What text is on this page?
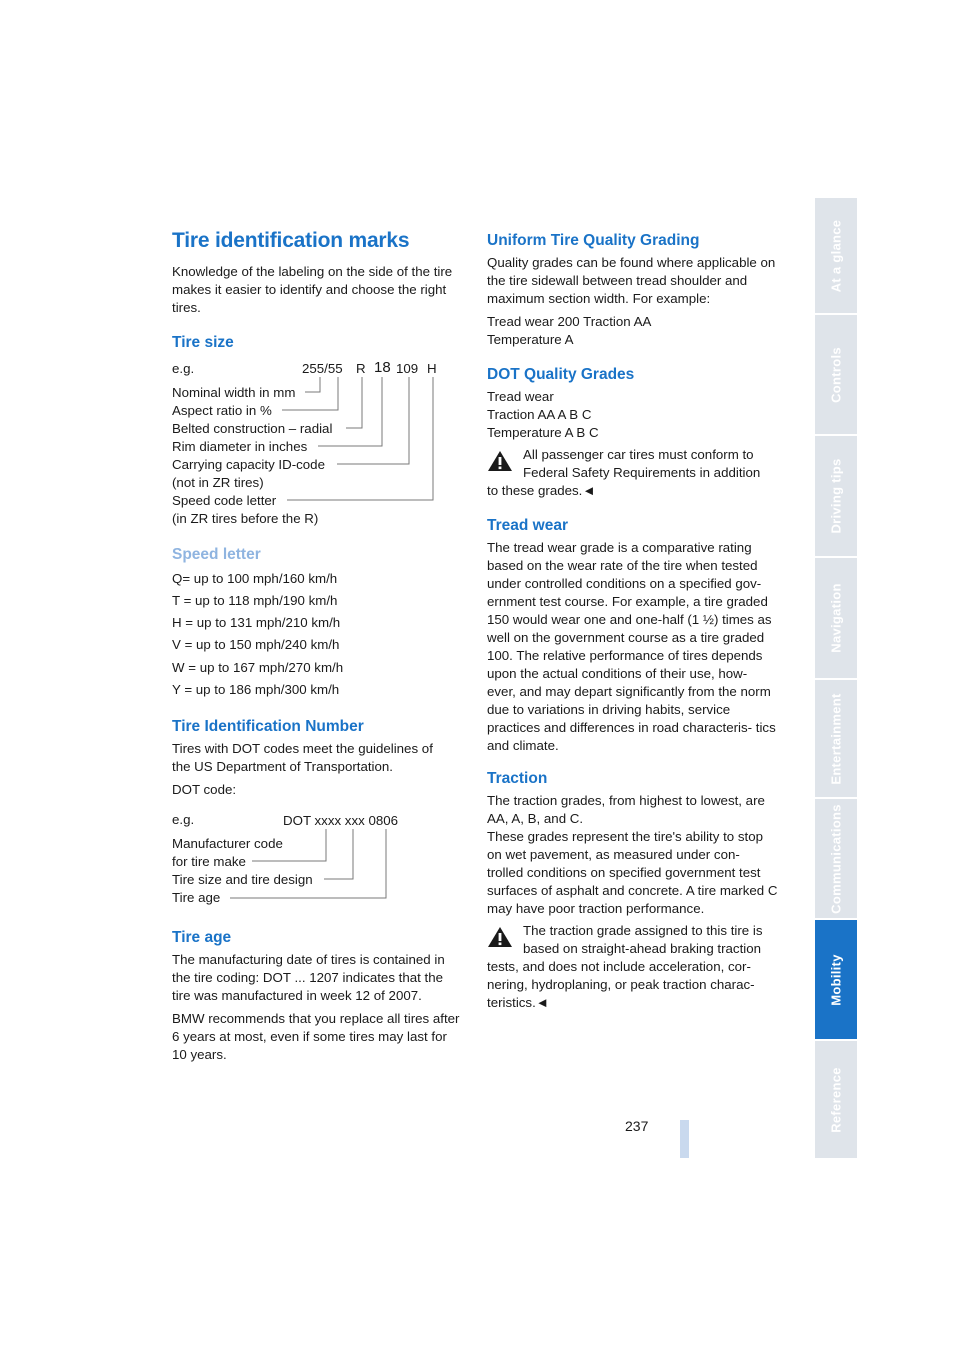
Tire identification marks

Knowledge of the labeling on the side of the tire makes it easier to identify and choose the right tires.

Tire size
e.g.	255/55 R 18 109 H
Nominal width in mm
Aspect ratio in %
Belted construction – radial
Rim diameter in inches
Carrying capacity ID-code
(not in ZR tires)
Speed code letter
(in ZR tires before the R)
Speed letter
Q= up to 100 mph/160 km/h
T = up to 118 mph/190 km/h
H = up to 131 mph/210 km/h
V = up to 150 mph/240 km/h
W = up to 167 mph/270 km/h
Y = up to 186 mph/300 km/h
Tire Identification Number

Tires with DOT codes meet the guidelines of the US Department of Transportation.

DOT code:
e.g.	DOT xxxx xxx 0806
Manufacturer code
for tire make
Tire size and tire design
Tire age
Tire age

The manufacturing date of tires is contained in the tire coding: DOT ... 1207 indicates that the tire was manufactured in week 12 of 2007.

BMW recommends that you replace all tires after 6 years at most, even if some tires may last for 10 years.

Uniform Tire Quality Grading

Quality grades can be found where applicable on the tire sidewall between tread shoulder and maximum section width. For example:

Tread wear 200 Traction AA
Temperature A
DOT Quality Grades
Tread wear
Traction AA A B C
Temperature A B C
All passenger car tires must conform to
Federal Safety Requirements in addition
to these grades.◄
Tread wear

The tread wear grade is a comparative rating based on the wear rate of the tire when tested under controlled conditions on a specified gov- ernment test course. For example, a tire graded 150 would wear one and one-half (1 ½) times as well on the government course as a tire graded 100. The relative performance of tires depends upon the actual conditions of their use, how- ever, and may depart significantly from the norm due to variations in driving habits, service practices and differences in road characteris- tics and climate.

Traction

The traction grades, from highest to lowest, are AA, A, B, and C.

These grades represent the tire's ability to stop on wet pavement, as measured under con- trolled conditions on specified government test surfaces of asphalt and concrete. A tire marked C may have poor traction performance.

The traction grade assigned to this tire is
based on straight-ahead braking traction

tests, and does not include acceleration, cor- nering, hydroplaning, or peak traction charac- teristics.◄

At a glance
Controls
Driving tips
Navigation
Entertainment
Communications
Mobility
Reference
237
